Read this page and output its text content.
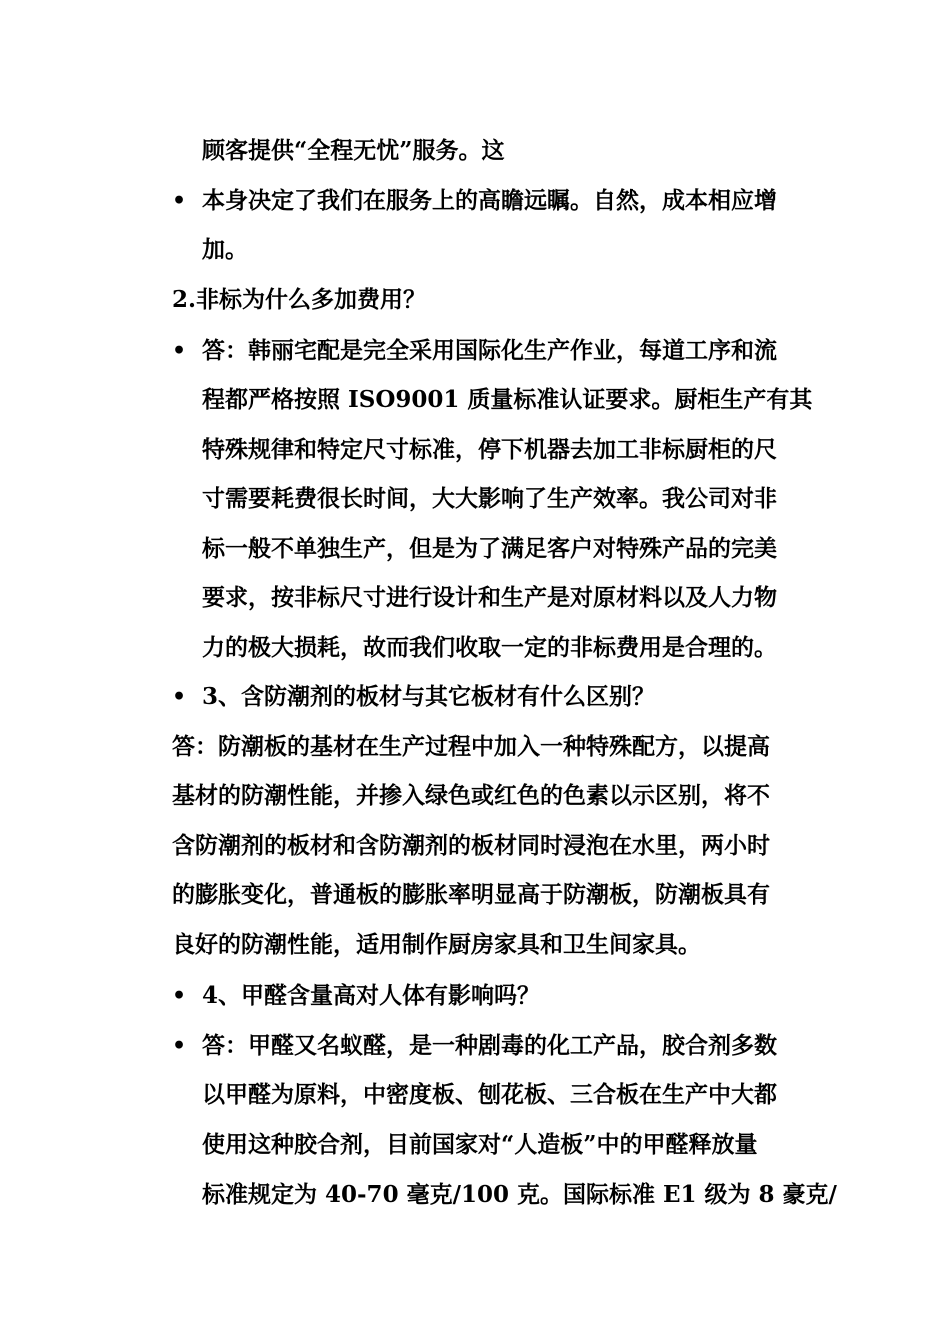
顾客提供“全程无忧”服务。这
• 本身决定了我们在服务上的高瞻远瞩。自然，成本相应增
加。
2.非标为什么多加费用？
• 答：韩丽宅配是完全采用国际化生产作业，每道工序和流
程都严格按照 ISO9001 质量标准认证要求。厨柜生产有其
特殊规律和特定尺寸标准，停下机器去加工非标厨柜的尺
寸需要耗费很长时间，大大影响了生产效率。我公司对非
标一般不单独生产，但是为了满足客户对特殊产品的完美
要求，按非标尺寸进行设计和生产是对原材料以及人力物
力的极大损耗，故而我们收取一定的非标费用是合理的。
• 3、含防潮剂的板材与其它板材有什么区别？
答：防潮板的基材在生产过程中加入一种特殊配方，以提高
基材的防潮性能，并掺入绿色或红色的色素以示区别，将不
含防潮剂的板材和含防潮剂的板材同时浸泡在水里，两小时
的膨胀变化，普通板的膨胀率明显高于防潮板，防潮板具有
良好的防潮性能，适用制作厨房家具和卫生间家具。
• 4、甲醛含量高对人体有影响吗？
• 答：甲醛又名蚁醛，是一种剧毒的化工产品，胶合剂多数
以甲醛为原料，中密度板、刨花板、三合板在生产中大都
使用这种胶合剂，目前国家对“人造板”中的甲醛释放量
标准规定为 40-70 毫克/100 克。国际标准 E1 级为 8 豪克/
